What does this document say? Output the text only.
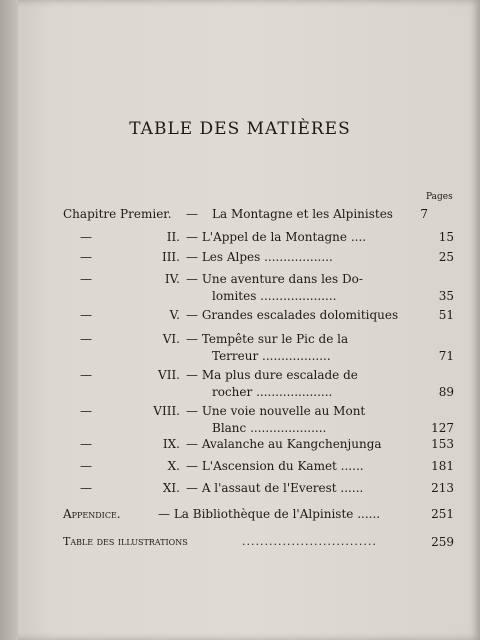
TABLE DES MATIÈRES
Pages
Chapitre Premier. — La Montagne et les Alpinistes 7
—	II. — L'Appel de la Montagne ....	15
—	III. — Les Alpes ..................	25
—	IV. — Une aventure dans les Do-
lomites ....................	35
—	V. — Grandes escalades dolomitiques	51
—	VI. — Tempête sur le Pic de la
Terreur ..................	71
—	VII. — Ma plus dure escalade de
rocher ....................	89
—	VIII. — Une voie nouvelle au Mont
Blanc ....................	127
—	IX. — Avalanche au Kangchenjunga	153
—	X. — L'Ascension du Kamet ......	181
—	XI. — A l'assaut de l'Everest ......	213
Appendice.	— La Bibliothèque de l'Alpiniste ......	251
Table des illustrations	..............................	259
